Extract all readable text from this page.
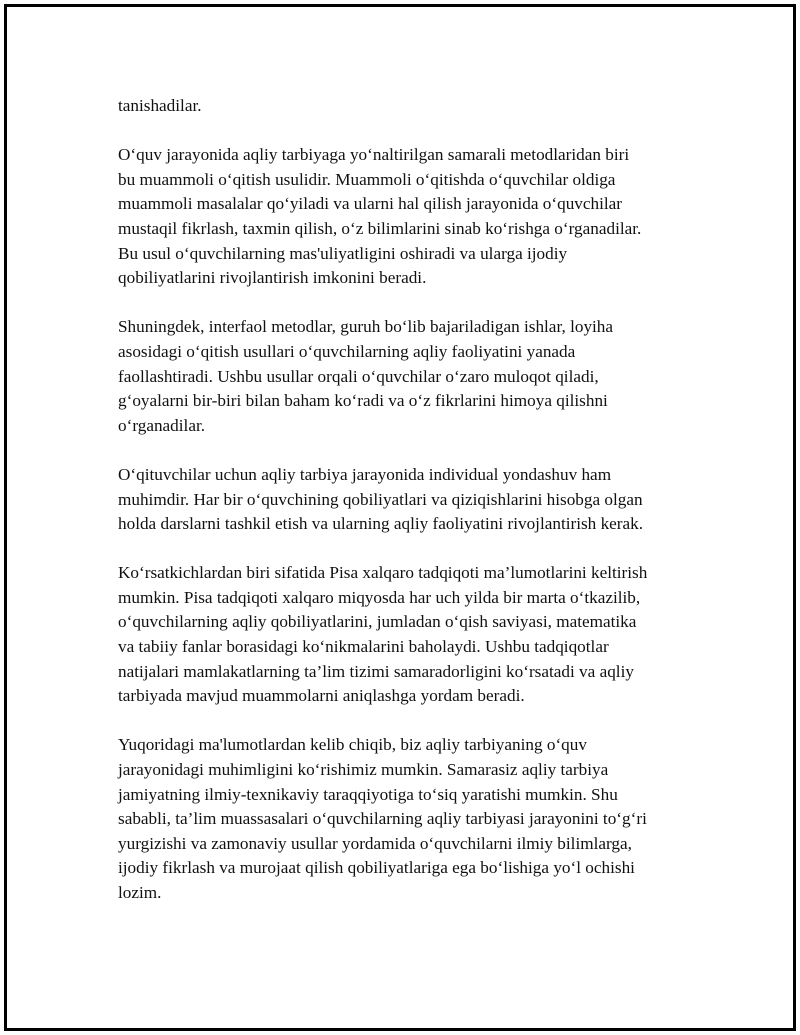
tanishadilar.

O‘quv jarayonida aqliy tarbiyaga yo‘naltirilgan samarali metodlaridan biri
bu muammoli o‘qitish usulidir. Muammoli o‘qitishda o‘quvchilar oldiga
muammoli masalalar qo‘yiladi va ularni hal qilish jarayonida o‘quvchilar
mustaqil fikrlash, taxmin qilish, o‘z bilimlarini sinab ko‘rishga o‘rganadilar.
Bu usul o‘quvchilarning mas'uliyatligini oshiradi va ularga ijodiy
qobiliyatlarini rivojlantirish imkonini beradi.

Shuningdek, interfaol metodlar, guruh bo‘lib bajariladigan ishlar, loyiha
asosidagi o‘qitish usullari o‘quvchilarning aqliy faoliyatini yanada
faollashtiradi. Ushbu usullar orqali o‘quvchilar o‘zaro muloqot qiladi,
g‘oyalarni bir-biri bilan baham ko‘radi va o‘z fikrlarini himoya qilishni
o‘rganadilar.

O‘qituvchilar uchun aqliy tarbiya jarayonida individual yondashuv ham
muhimdir. Har bir o‘quvchining qobiliyatlari va qiziqishlarini hisobga olgan
holda darslarni tashkil etish va ularning aqliy faoliyatini rivojlantirish kerak.

Ko‘rsatkichlardan biri sifatida Pisa xalqaro tadqiqoti ma’lumotlarini keltirish
mumkin. Pisa tadqiqoti xalqaro miqyosda har uch yilda bir marta o‘tkazilib,
o‘quvchilarning aqliy qobiliyatlarini, jumladan o‘qish saviyasi, matematika
va tabiiy fanlar borasidagi ko‘nikmalarini baholaydi. Ushbu tadqiqotlar
natijalari mamlakatlarning ta’lim tizimi samaradorligini ko‘rsatadi va aqliy
tarbiyada mavjud muammolarni aniqlashga yordam beradi.

Yuqoridagi ma'lumotlardan kelib chiqib, biz aqliy tarbiyaning o‘quv
jarayonidagi muhimligini ko‘rishimiz mumkin. Samarasiz aqliy tarbiya
jamiyatning ilmiy-texnikaviy taraqqiyotiga to‘siq yaratishi mumkin. Shu
sababli, ta’lim muassasalari o‘quvchilarning aqliy tarbiyasi jarayonini to‘g‘ri
yurgizishi va zamonaviy usullar yordamida o‘quvchilarni ilmiy bilimlarga,
ijodiy fikrlash va murojaat qilish qobiliyatlariga ega bo‘lishiga yo‘l ochishi
lozim.
